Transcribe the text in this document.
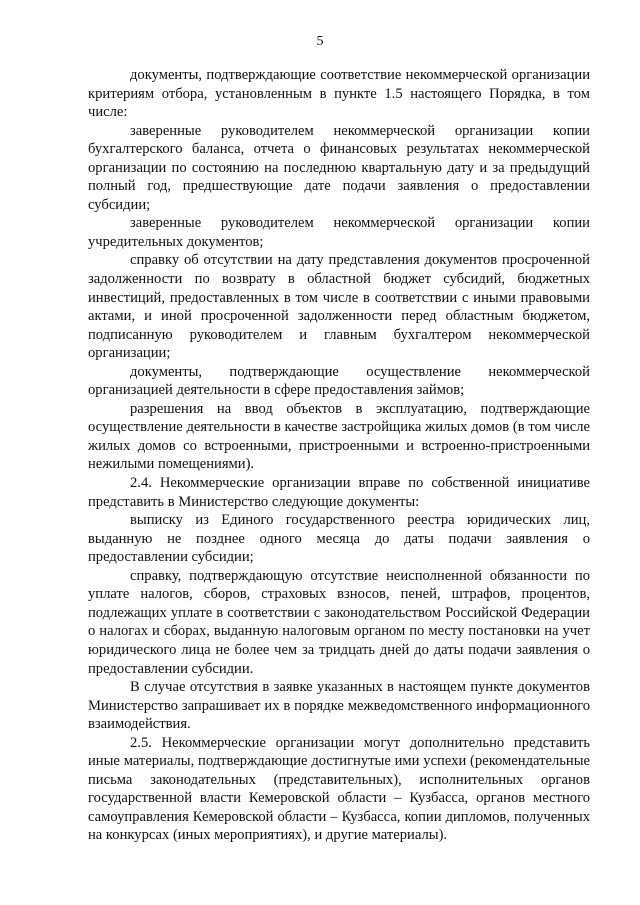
5

документы, подтверждающие соответствие некоммерческой организации критериям отбора, установленным в пункте 1.5 настоящего Порядка, в том числе:

заверенные руководителем некоммерческой организации копии бухгалтерского баланса, отчета о финансовых результатах некоммерческой организации по состоянию на последнюю квартальную дату и за предыдущий полный год, предшествующие дате подачи заявления о предоставлении субсидии;

заверенные руководителем некоммерческой организации копии учредительных документов;

справку об отсутствии на дату представления документов просроченной задолженности по возврату в областной бюджет субсидий, бюджетных инвестиций, предоставленных в том числе в соответствии с иными правовыми актами, и иной просроченной задолженности перед областным бюджетом, подписанную руководителем и главным бухгалтером некоммерческой организации;

документы, подтверждающие осуществление некоммерческой организацией деятельности в сфере предоставления займов;

разрешения на ввод объектов в эксплуатацию, подтверждающие осуществление деятельности в качестве застройщика жилых домов (в том числе жилых домов со встроенными, пристроенными и встроенно-пристроенными нежилыми помещениями).

2.4. Некоммерческие организации вправе по собственной инициативе представить в Министерство следующие документы:

выписку из Единого государственного реестра юридических лиц, выданную не позднее одного месяца до даты подачи заявления о предоставлении субсидии;

справку, подтверждающую отсутствие неисполненной обязанности по уплате налогов, сборов, страховых взносов, пеней, штрафов, процентов, подлежащих уплате в соответствии с законодательством Российской Федерации о налогах и сборах, выданную налоговым органом по месту постановки на учет юридического лица не более чем за тридцать дней до даты подачи заявления о предоставлении субсидии.

В случае отсутствия в заявке указанных в настоящем пункте документов Министерство запрашивает их в порядке межведомственного информационного взаимодействия.

2.5. Некоммерческие организации могут дополнительно представить иные материалы, подтверждающие достигнутые ими успехи (рекомендательные письма законодательных (представительных), исполнительных органов государственной власти Кемеровской области – Кузбасса, органов местного самоуправления Кемеровской области – Кузбасса, копии дипломов, полученных на конкурсах (иных мероприятиях), и другие материалы).
